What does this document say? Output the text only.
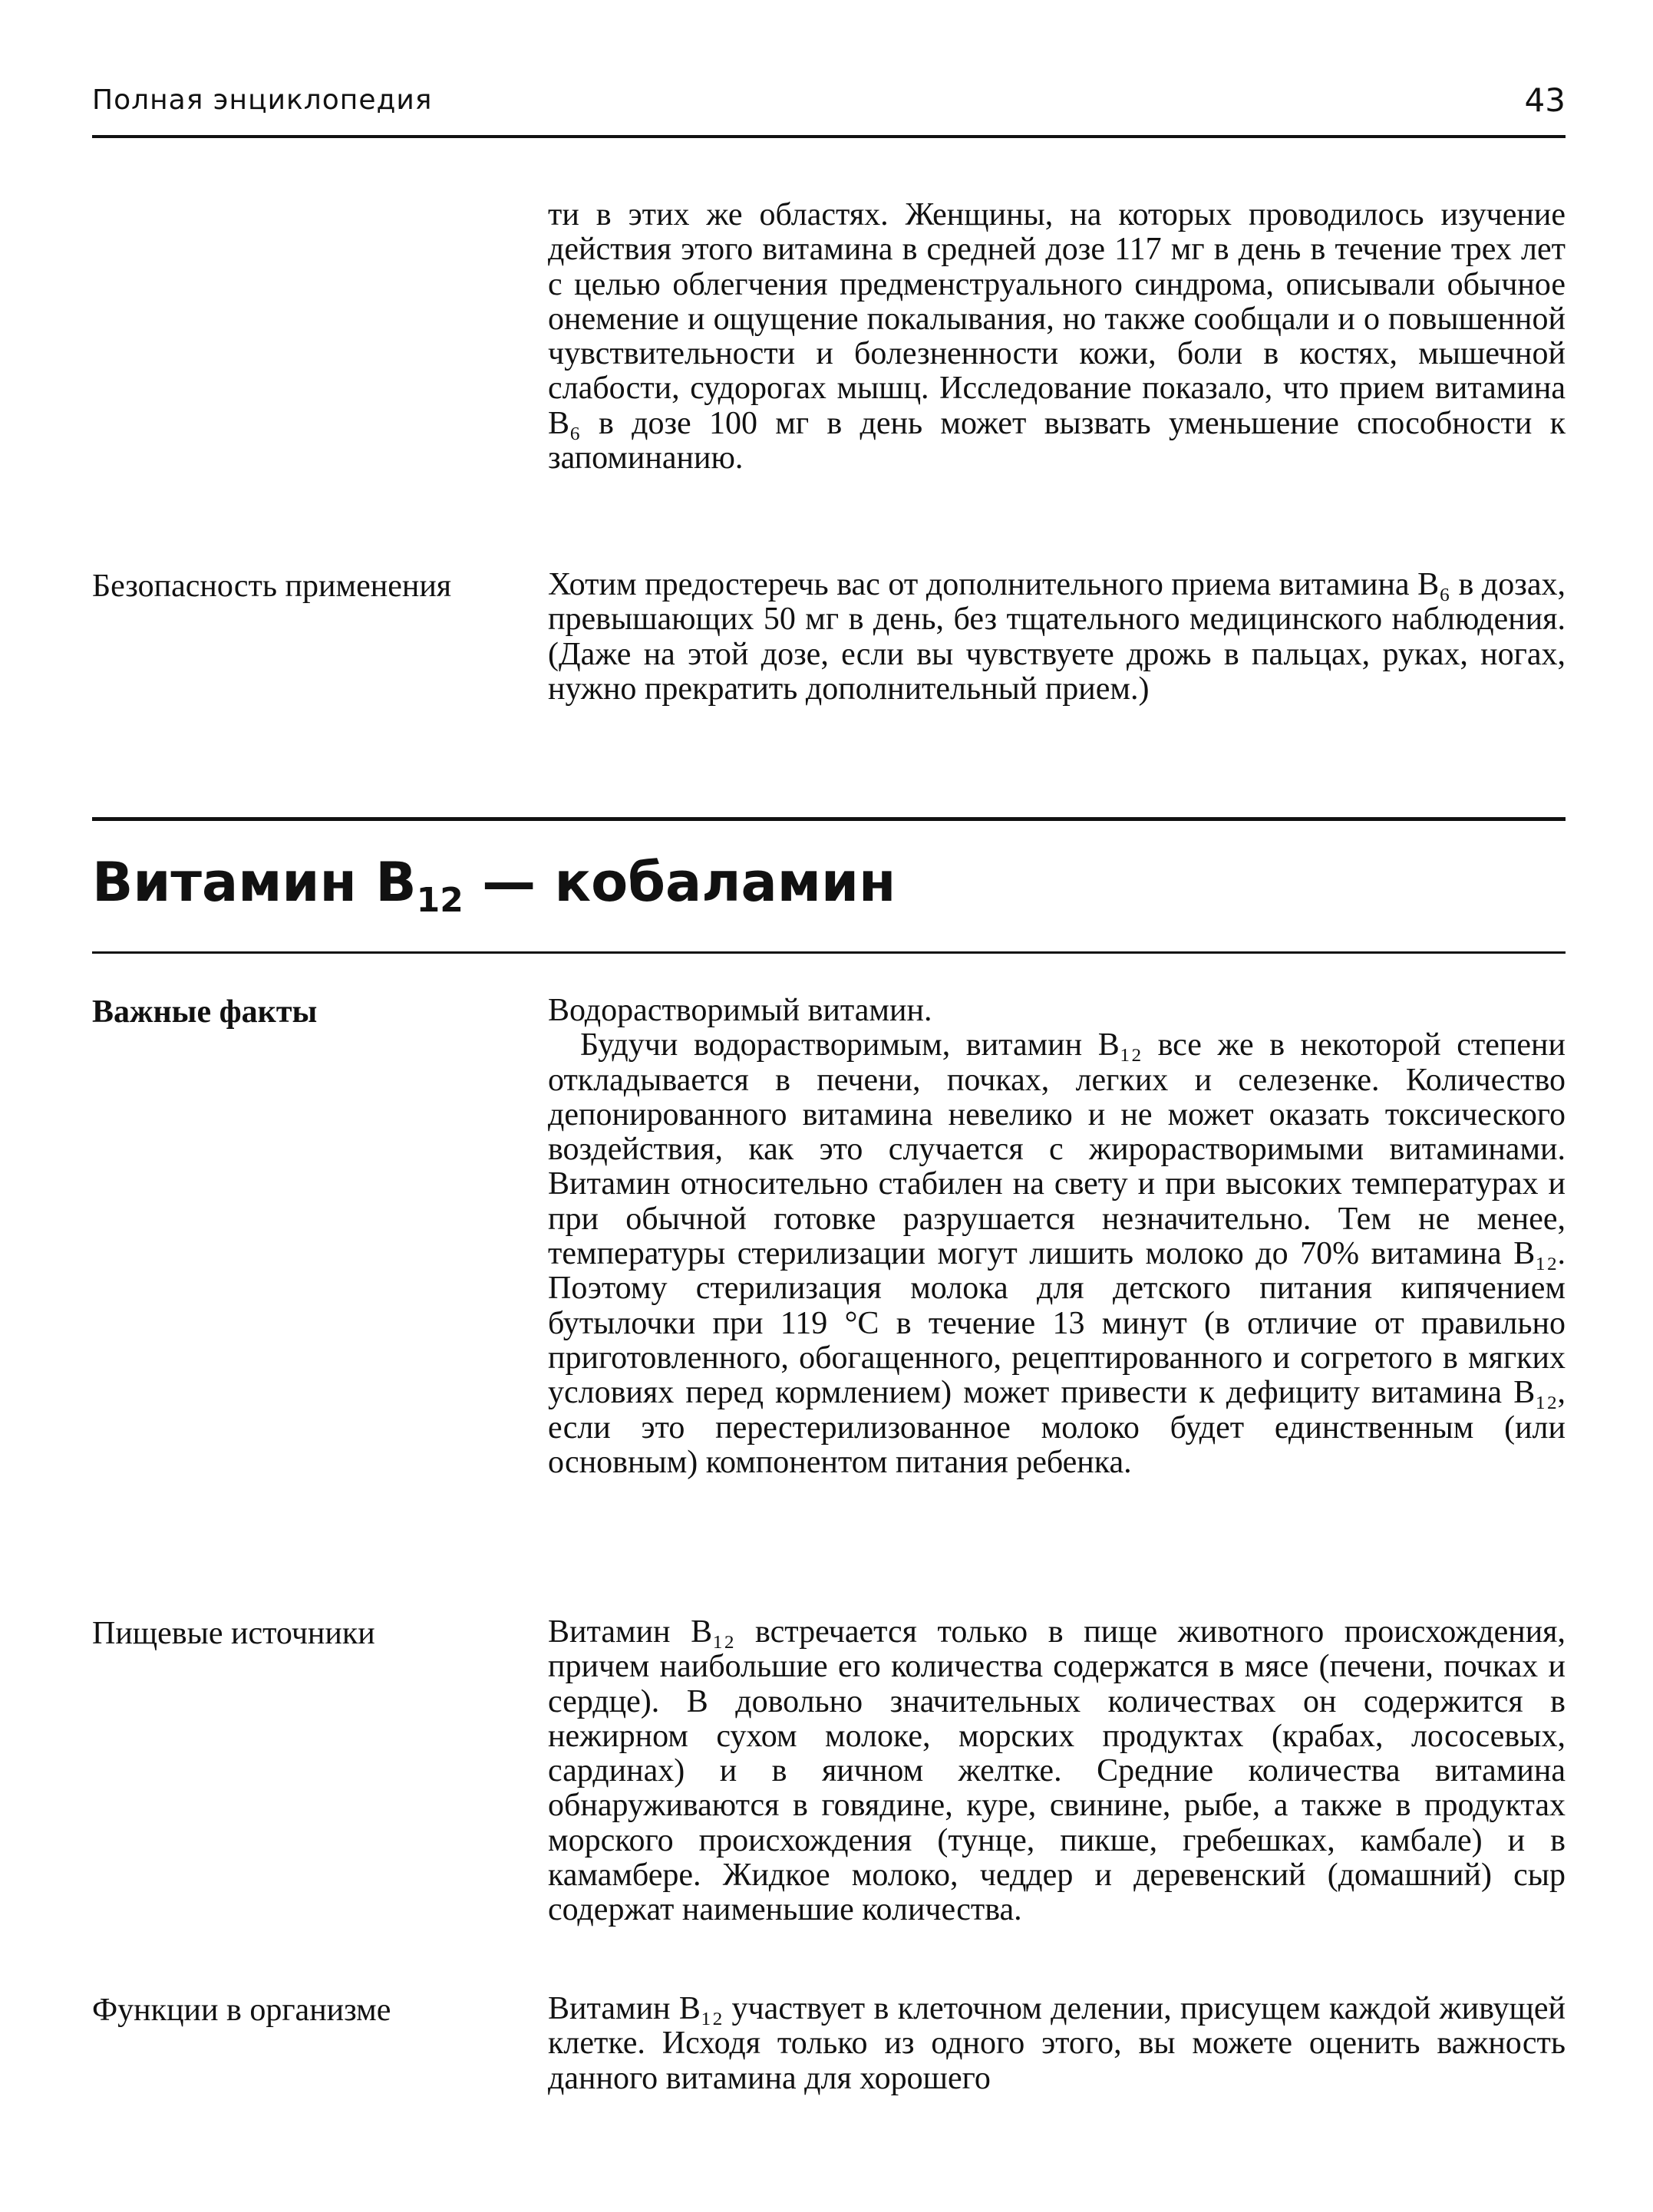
Полная энциклопедия	43
ти в этих же областях. Женщины, на которых проводилось изучение действия этого витамина в средней дозе 117 мг в день в течение трех лет с целью облегчения предменструального синдрома, описывали обычное онемение и ощущение покалывания, но также сообщали и о повышенной чувствительности и болезненности кожи, боли в костях, мышечной слабости, судорогах мышц. Исследование показало, что прием витамина B₆ в дозе 100 мг в день может вызвать уменьшение способности к запоминанию.
Безопасность применения	Хотим предостеречь вас от дополнительного приема витамина B₆ в дозах, превышающих 50 мг в день, без тщательного медицинского наблюдения. (Даже на этой дозе, если вы чувствуете дрожь в пальцах, руках, ногах, нужно прекратить дополнительный прием.)
Витамин $B_{12}$ — кобаламин
Важные факты	Водорастворимый витамин.

Будучи водорастворимым, витамин B₁₂ все же в некоторой степени откладывается в печени, почках, легких и селезенке. Количество депонированного витамина невелико и не может оказать токсического воздействия, как это случается с жирорастворимыми витаминами. Витамин относительно стабилен на свету и при высоких температурах и при обычной готовке разрушается незначительно. Тем не менее, температуры стерилизации могут лишить молоко до 70% витамина B₁₂. Поэтому стерилизация молока для детского питания кипячением бутылочки при 119 °С в течение 13 минут (в отличие от правильно приготовленного, обогащенного, рецептированного и согретого в мягких условиях перед кормлением) может привести к дефициту витамина B₁₂, если это перестерилизованное молоко будет единственным (или основным) компонентом питания ребенка.

Пищевые источники	Витамин B₁₂ встречается только в пище животного происхождения, причем наибольшие его количества содержатся в мясе (печени, почках и сердце). В довольно значительных количествах он содержится в нежирном сухом молоке, морских продуктах (крабах, лососевых, сардинах) и в яичном желтке. Средние количества витамина обнаруживаются в говядине, куре, свинине, рыбе, а также в продуктах морского происхождения (тунце, пикше, гребешках, камбале) и в камамбере. Жидкое молоко, чеддер и деревенский (домашний) сыр содержат наименьшие количества.
Функции в организме	Витамин B₁₂ участвует в клеточном делении, присущем каждой живущей клетке. Исходя только из одного этого, вы можете оценить важность данного витамина для хорошего
